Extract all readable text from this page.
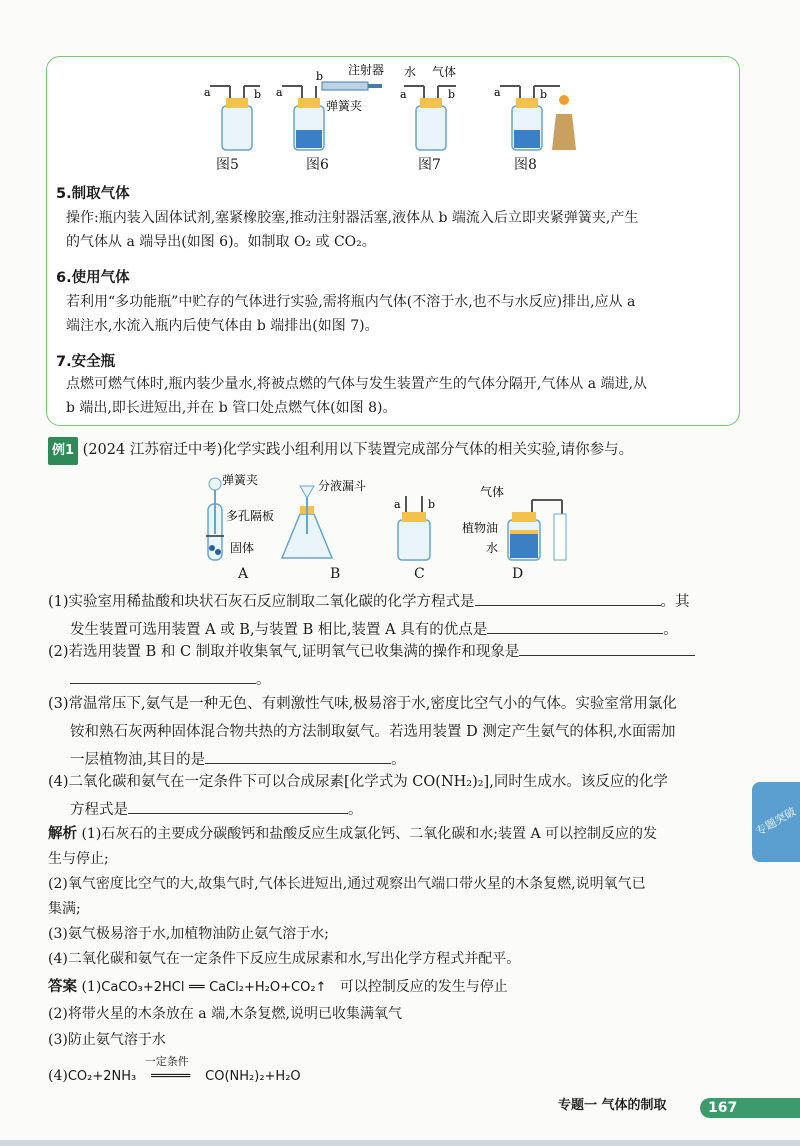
a	b
注射器
弹簧夹
a
b	水 气体
a	b	a	b
图5	图6	图7	图8
5.制取气体
操作:瓶内装入固体试剂,塞紧橡胶塞,推动注射器活塞,液体从 b 端流入后立即夹紧弹簧夹,产生
的气体从 a 端导出(如图 6)。如制取 O₂ 或 CO₂。
6.使用气体
若利用“多功能瓶”中贮存的气体进行实验,需将瓶内气体(不溶于水,也不与水反应)排出,应从 a
端注水,水流入瓶内后使气体由 b 端排出(如图 7)。
7.安全瓶
点燃可燃气体时,瓶内装少量水,将被点燃的气体与发生装置产生的气体分隔开,气体从 a 端进,从
b 端出,即长进短出,并在 b 管口处点燃气体(如图 8)。
例1 (2024 江苏宿迁中考)化学实践小组利用以下装置完成部分气体的相关实验,请你参与。
弹簧夹
多孔隔板
固体
分液漏斗
a b
气体
植物油
水
A	B	C	D
(1)实验室用稀盐酸和块状石灰石反应制取二氧化碳的化学方程式是	。其
发生装置可选用装置 A 或 B,与装置 B 相比,装置 A 具有的优点是	。
(2)若选用装置 B 和 C 制取并收集氧气,证明氧气已收集满的操作和现象是
。
(3)常温常压下,氨气是一种无色、有刺激性气味,极易溶于水,密度比空气小的气体。实验室常用氯化
铵和熟石灰两种固体混合物共热的方法制取氨气。若选用装置 D 测定产生氨气的体积,水面需加
一层植物油,其目的是	。
(4)二氧化碳和氨气在一定条件下可以合成尿素[化学式为 CO(NH₂)₂],同时生成水。该反应的化学
方程式是	。
解析 (1)石灰石的主要成分碳酸钙和盐酸反应生成氯化钙、二氧化碳和水;装置 A 可以控制反应的发
生与停止;
(2)氧气密度比空气的大,故集气时,气体长进短出,通过观察出气端口带火星的木条复燃,说明氧气已
集满;
(3)氨气极易溶于水,加植物油防止氨气溶于水;
(4)二氧化碳和氨气在一定条件下反应生成尿素和水,写出化学方程式并配平。
答案 (1)CaCO₃+2HCl ══ CaCl₂+H₂O+CO₂↑ 可以控制反应的发生与停止
(2)将带火星的木条放在 a 端,木条复燃,说明已收集满氧气
(3)防止氨气溶于水
(4)CO₂+2NH₃
一定条件
═════ CO(NH₂)₂+H₂O
专题突破
专题一 气体的制取	167
